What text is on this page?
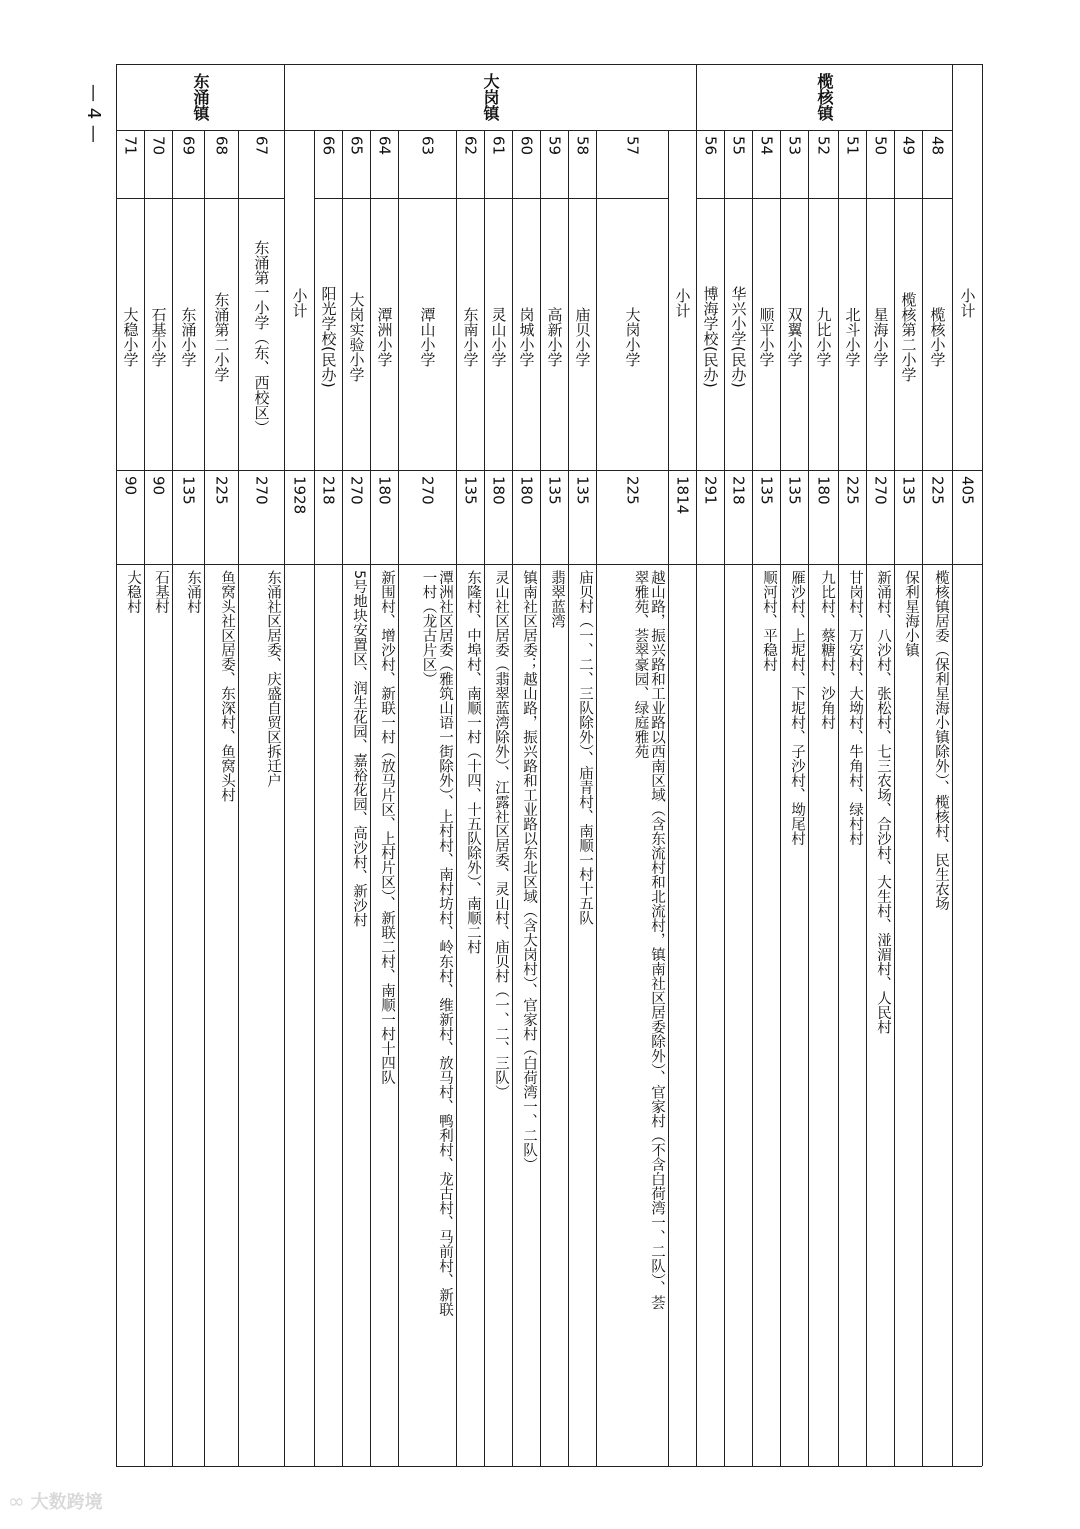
小计
405
48
榄核小学
225
榄核镇居委（保利星海小镇除外）、榄核村、民生农场
49
榄核第二小学
135
保利星海小镇
50
星海小学
270
新涌村、八沙村、张松村、七三农场、合沙村、大生村、湴湄村、人民村
51
北斗小学
225
甘岗村、万安村、大坳村、牛角村、绿村村
52
九比小学
180
九比村、蔡糖村、沙角村
53
双翼小学
135
雁沙村、上坭村、下坭村、子沙村、坳尾村
54
顺平小学
135
顺河村、平稳村
55
华兴小学(民办)
218
56
博海学校(民办)
291
小计
1814
57
大岗小学
225
越山路，振兴路和工业路以西南区域（含东流村和北流村，镇南社区居委除外）、官家村（不含白荷湾一、二队）、荟
翠雅苑、荟翠豪园、绿庭雅苑
58
庙贝小学
135
庙贝村（一、二、三队除外）、庙青村、南顺一村十五队
59
高新小学
135
翡翠蓝湾
60
岗城小学
180
镇南社区居委；越山路，振兴路和工业路以东北区域（含大岗村）、官家村（白荷湾一、二队）
61
灵山小学
180
灵山社区居委（翡翠蓝湾除外）、江露社区居委、灵山村、庙贝村（一、二、三队）
62
东南小学
135
东隆村、中埠村、南顺一村（十四、十五队除外）、南顺二村
63
潭山小学
270
潭洲社区居委（雅筑山语一街除外）、上村村、南村坊村、岭东村、维新村、放马村、鸭利村、龙古村、马前村、新联
一村（龙古片区）
64
潭洲小学
180
新围村、增沙村、新联一村（放马片区、上村片区）、新联二村、南顺一村十四队
65
大岗实验小学
270
5号地块安置区、润生花园、嘉裕花园、高沙村、新沙村
66
阳光学校(民办)
218
小计
1928
67
东涌第一小学（东、西校区）
270
东涌社区居委、庆盛自贸区拆迁户
68
东涌第二小学
225
鱼窝头社区居委、东深村、鱼窝头村
69
东涌小学
135
东涌村
70
石基小学
90
石基村
71
大稳小学
90
大稳村
榄核镇
大岗镇
东涌镇
— 4 —
∞ 大数跨境
